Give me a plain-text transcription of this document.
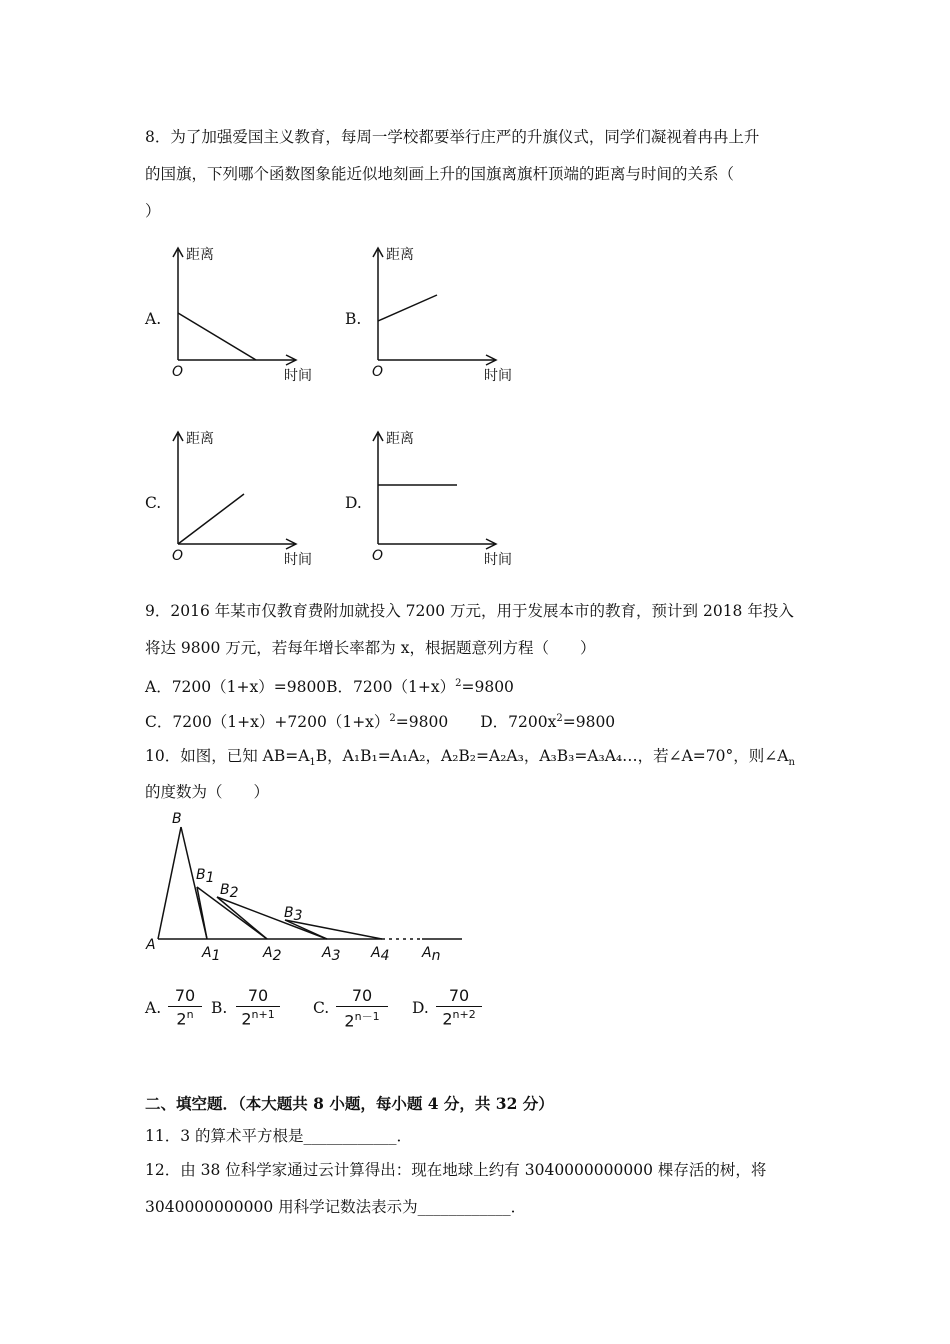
8．为了加强爱国主义教育，每周一学校都要举行庄严的升旗仪式，同学们凝视着冉冉上升
的国旗，下列哪个函数图象能近似地刻画上升的国旗离旗杆顶端的距离与时间的关系（
）
A.
距离
时间
O
B.
距离
时间
O
C.
距离
时间
O
D.
距离
时间
O
9．2016 年某市仅教育费附加就投入 7200 万元，用于发展本市的教育，预计到 2018 年投入
将达 9800 万元，若每年增长率都为 x，根据题意列方程（　　）
A．7200（1+x）=9800B．$7200(1+x)^2=9800$
C．$7200(1+x)+7200(1+x)^2=9800$ D．$7200x^2=9800$
10．如图，已知 $AB=A_1B$，A₁B₁=A₁A₂，A₂B₂=A₂A₃，A₃B₃=A₃A₄…，若∠A=70°，则$\angle A_n$
的度数为（　　）
B
B1
B2
B3
A	A1	A2	A3 A4 An
A.
70
2$^n$	B.
70
$2^{n+1}$	C.
70
$2^{n-1}$	D.
70
$2^{n+2}$
二、填空题．（本大题共 8 小题，每小题 4 分，共 32 分）
11．3 的算术平方根是____________．
12．由 38 位科学家通过云计算得出：现在地球上约有 3040000000000 棵存活的树，将
3040000000000 用科学记数法表示为____________．
